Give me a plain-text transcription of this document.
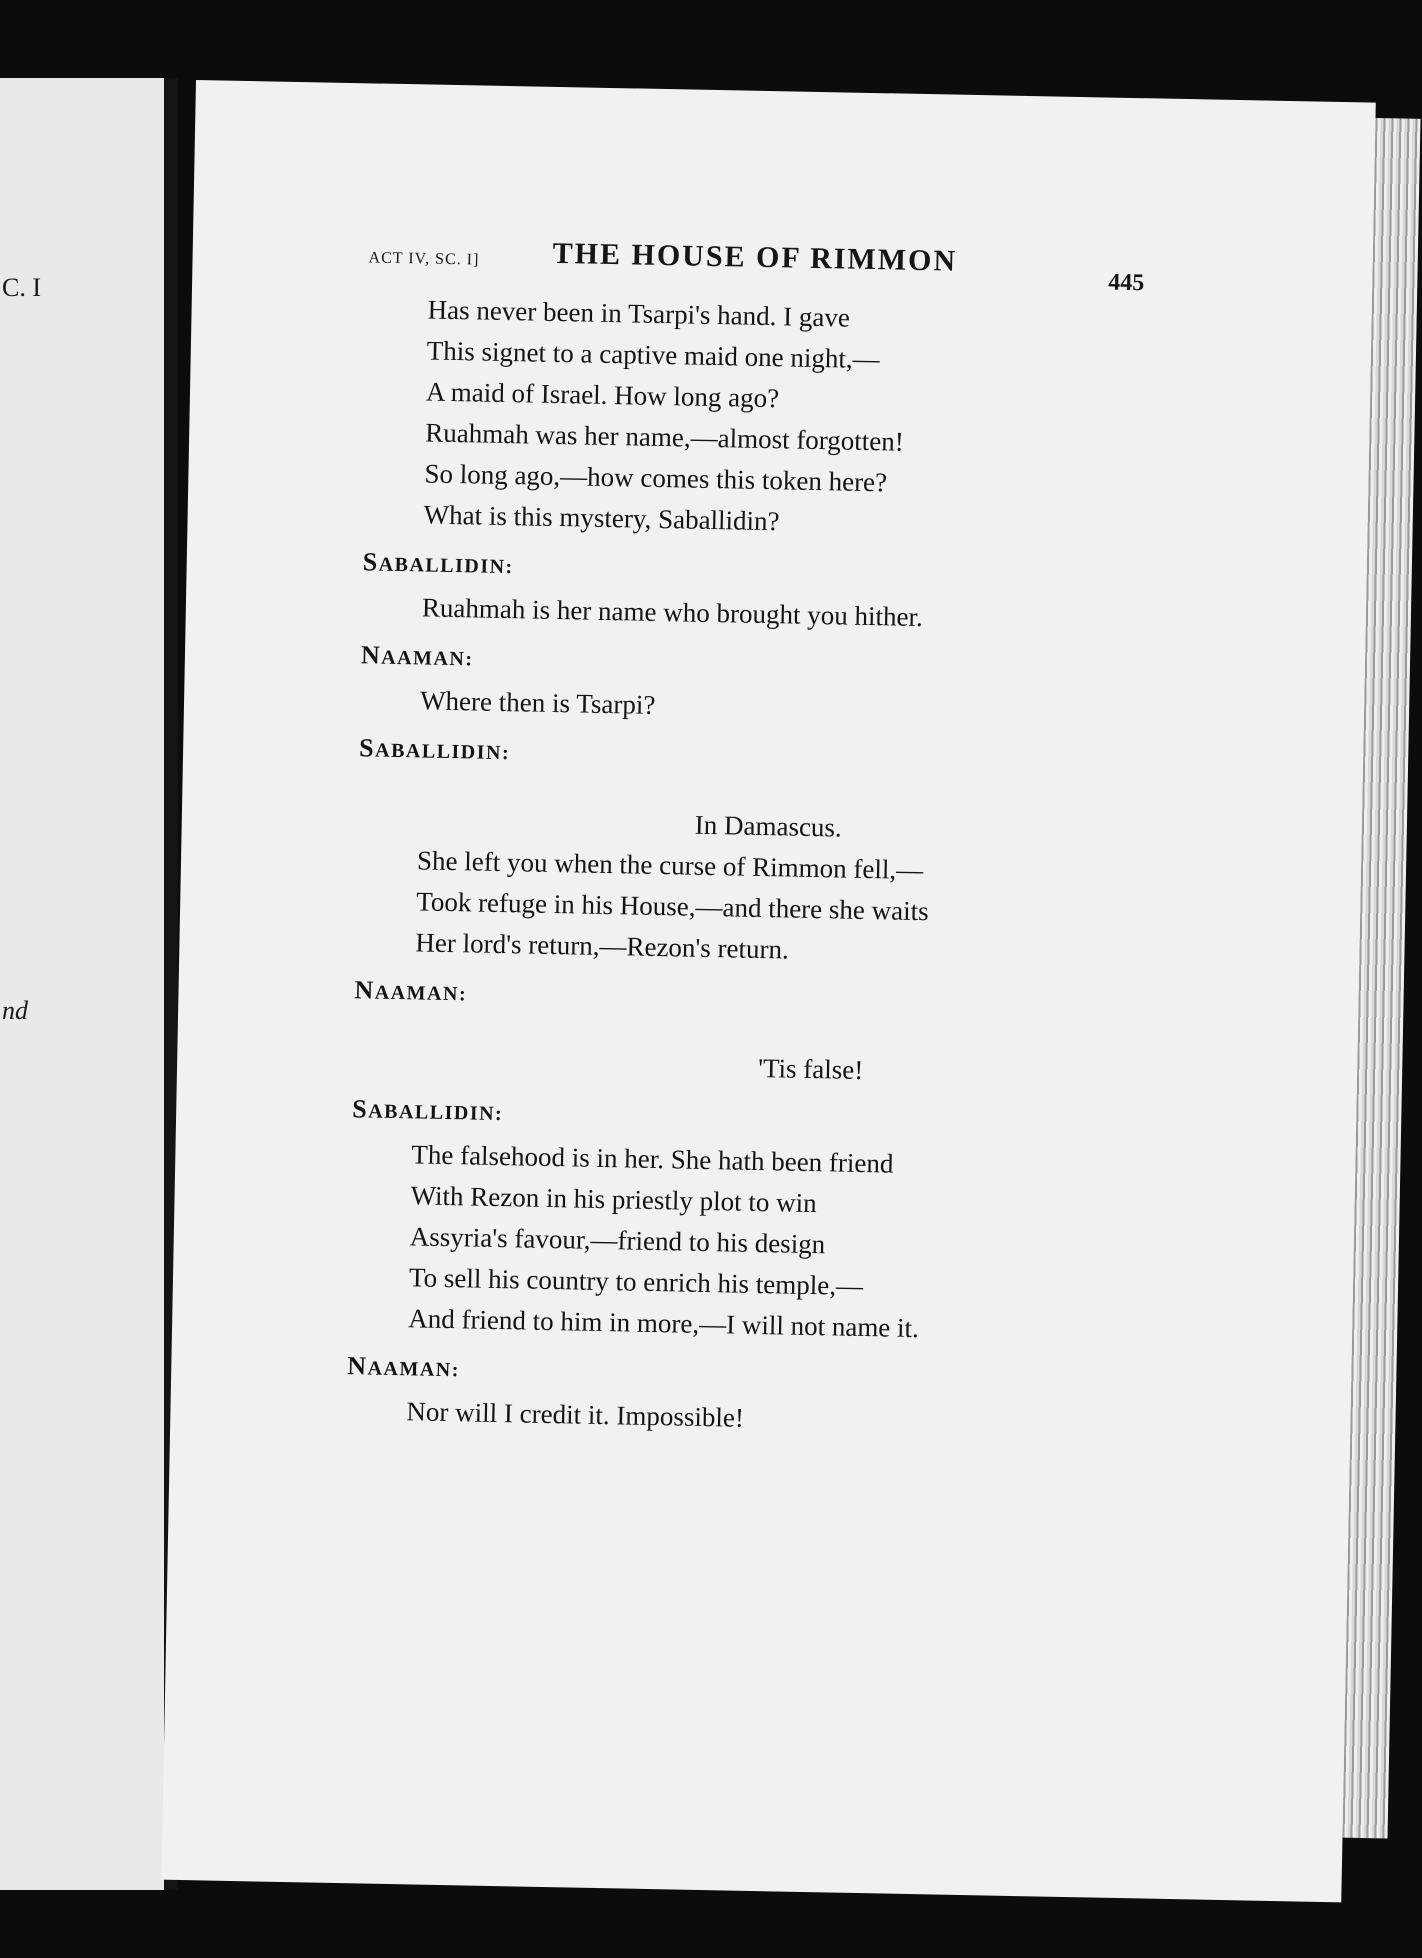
C. I
nd
ACT IV, SC. I] THE HOUSE OF RIMMON
445
Has never been in Tsarpi's hand. I gave
This signet to a captive maid one night,—
A maid of Israel. How long ago?
Ruahmah was her name,—almost forgotten!
So long ago,—how comes this token here?
What is this mystery, Saballidin?
SABALLIDIN:
Ruahmah is her name who brought you hither.
NAAMAN:
Where then is Tsarpi?
SABALLIDIN:
In Damascus.
She left you when the curse of Rimmon fell,—
Took refuge in his House,—and there she waits
Her lord's return,—Rezon's return.
NAAMAN:
'Tis false!
SABALLIDIN:
The falsehood is in her. She hath been friend
With Rezon in his priestly plot to win
Assyria's favour,—friend to his design
To sell his country to enrich his temple,—
And friend to him in more,—I will not name it.
NAAMAN:
Nor will I credit it. Impossible!
